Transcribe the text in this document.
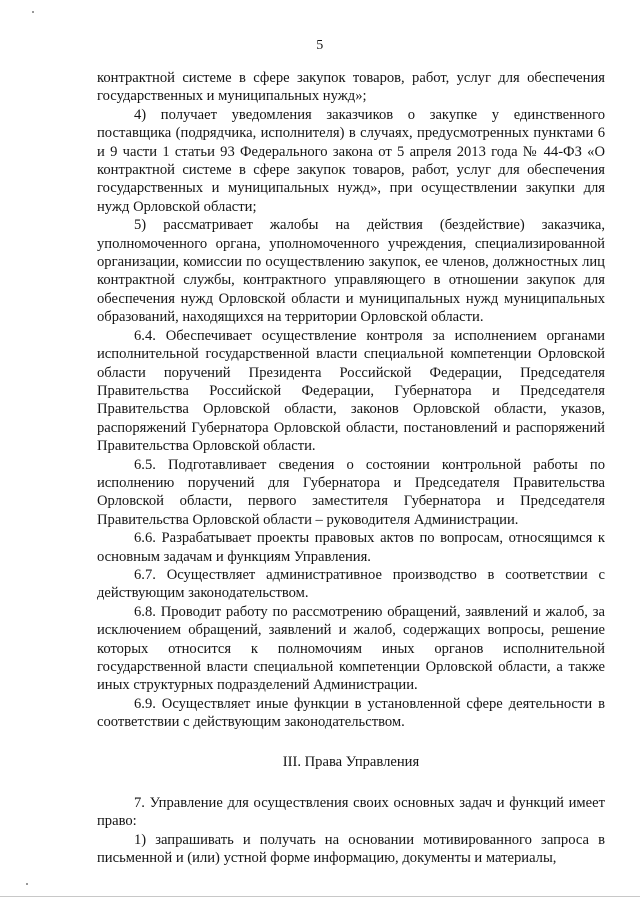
5

контрактной системе в сфере закупок товаров, работ, услуг для обеспечения государственных и муниципальных нужд»;

4) получает уведомления заказчиков о закупке у единственного поставщика (подрядчика, исполнителя) в случаях, предусмотренных пунктами 6 и 9 части 1 статьи 93 Федерального закона от 5 апреля 2013 года № 44-ФЗ «О контрактной системе в сфере закупок товаров, работ, услуг для обеспечения государственных и муниципальных нужд», при осуществлении закупки для нужд Орловской области;

5) рассматривает жалобы на действия (бездействие) заказчика, уполномоченного органа, уполномоченного учреждения, специализированной организации, комиссии по осуществлению закупок, ее членов, должностных лиц контрактной службы, контрактного управляющего в отношении закупок для обеспечения нужд Орловской области и муниципальных нужд муниципальных образований, находящихся на территории Орловской области.

6.4. Обеспечивает осуществление контроля за исполнением органами исполнительной государственной власти специальной компетенции Орловской области поручений Президента Российской Федерации, Председателя Правительства Российской Федерации, Губернатора и Председателя Правительства Орловской области, законов Орловской области, указов, распоряжений Губернатора Орловской области, постановлений и распоряжений Правительства Орловской области.

6.5. Подготавливает сведения о состоянии контрольной работы по исполнению поручений для Губернатора и Председателя Правительства Орловской области, первого заместителя Губернатора и Председателя Правительства Орловской области – руководителя Администрации.

6.6. Разрабатывает проекты правовых актов по вопросам, относящимся к основным задачам и функциям Управления.

6.7. Осуществляет административное производство в соответствии с действующим законодательством.

6.8. Проводит работу по рассмотрению обращений, заявлений и жалоб, за исключением обращений, заявлений и жалоб, содержащих вопросы, решение которых относится к полномочиям иных органов исполнительной государственной власти специальной компетенции Орловской области, а также иных структурных подразделений Администрации.

6.9. Осуществляет иные функции в установленной сфере деятельности в соответствии с действующим законодательством.

III. Права Управления

7. Управление для осуществления своих основных задач и функций имеет право:

1) запрашивать и получать на основании мотивированного запроса в письменной и (или) устной форме информацию, документы и материалы,
